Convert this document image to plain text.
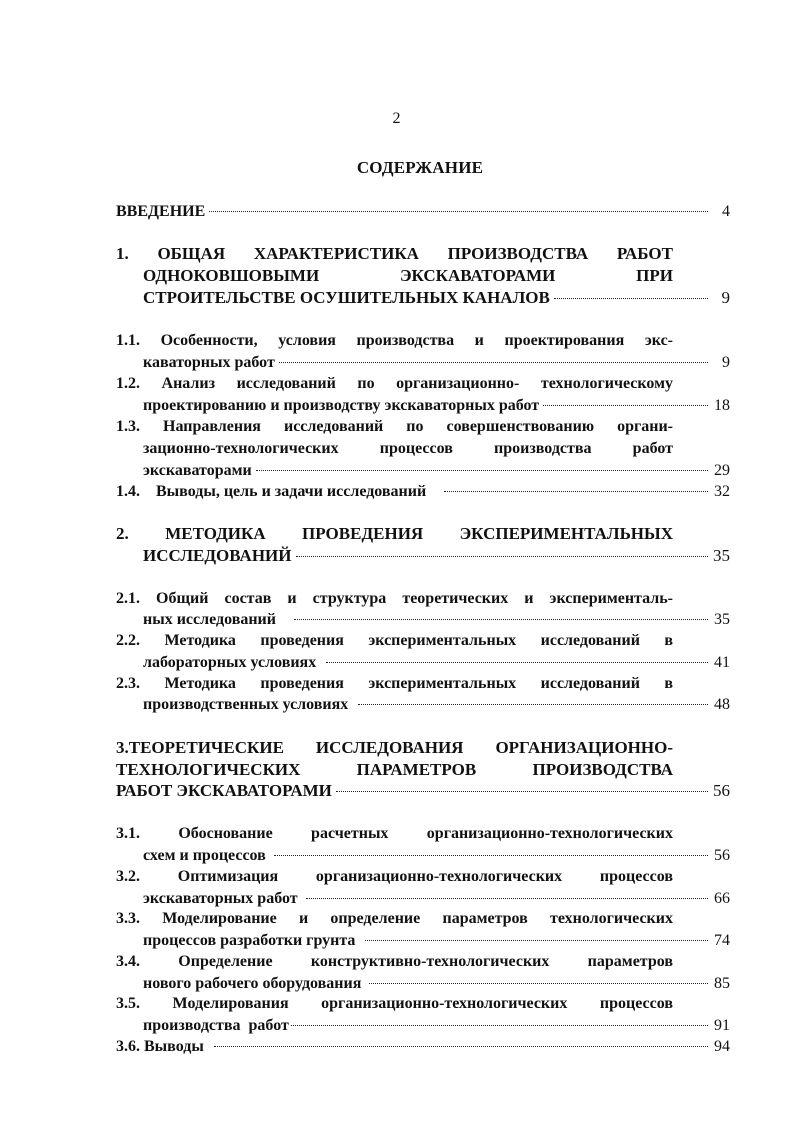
2
СОДЕРЖАНИЕ
ВВЕДЕНИЕ	4
1. ОБЩАЯ ХАРАКТЕРИСТИКА ПРОИЗВОДСТВА РАБОТ
ОДНОКОВШОВЫМИ ЭКСКАВАТОРАМИ ПРИ
СТРОИТЕЛЬСТВЕ ОСУШИТЕЛЬНЫХ КАНАЛОВ	9
1.1. Особенности, условия производства и проектирования экс-
каваторных работ	9
1.2. Анализ исследований по организационно- технологическому
проектированию и производству экскаваторных работ	18
1.3. Направления исследований по совершенствованию органи-
зационно-технологических процессов производства работ
экскаваторами	29
1.4.    Выводы, цель и задачи исследований	32
2. МЕТОДИКА ПРОВЕДЕНИЯ ЭКСПЕРИМЕНТАЛЬНЫХ
ИССЛЕДОВАНИЙ	35
2.1. Общий состав и структура теоретических и эксперименталь-
ных исследований	35
2.2. Методика проведения экспериментальных исследований в
лабораторных условиях	41
2.3. Методика проведения экспериментальных исследований в
производственных условиях	48
3.ТЕОРЕТИЧЕСКИЕ ИССЛЕДОВАНИЯ ОРГАНИЗАЦИОННО-
ТЕХНОЛОГИЧЕСКИХ ПАРАМЕТРОВ ПРОИЗВОДСТВА
РАБОТ ЭКСКАВАТОРАМИ	56
3.1. Обоснование расчетных организационно-технологических
схем и процессов	56
3.2. Оптимизация организационно-технологических процессов
экскаваторных работ	66
3.3. Моделирование и определение параметров технологических
процессов разработки грунта	74
3.4. Определение конструктивно-технологических параметров
нового рабочего оборудования	85
3.5. Моделирования организационно-технологических процессов
производства  работ	91
3.6. Выводы	94
